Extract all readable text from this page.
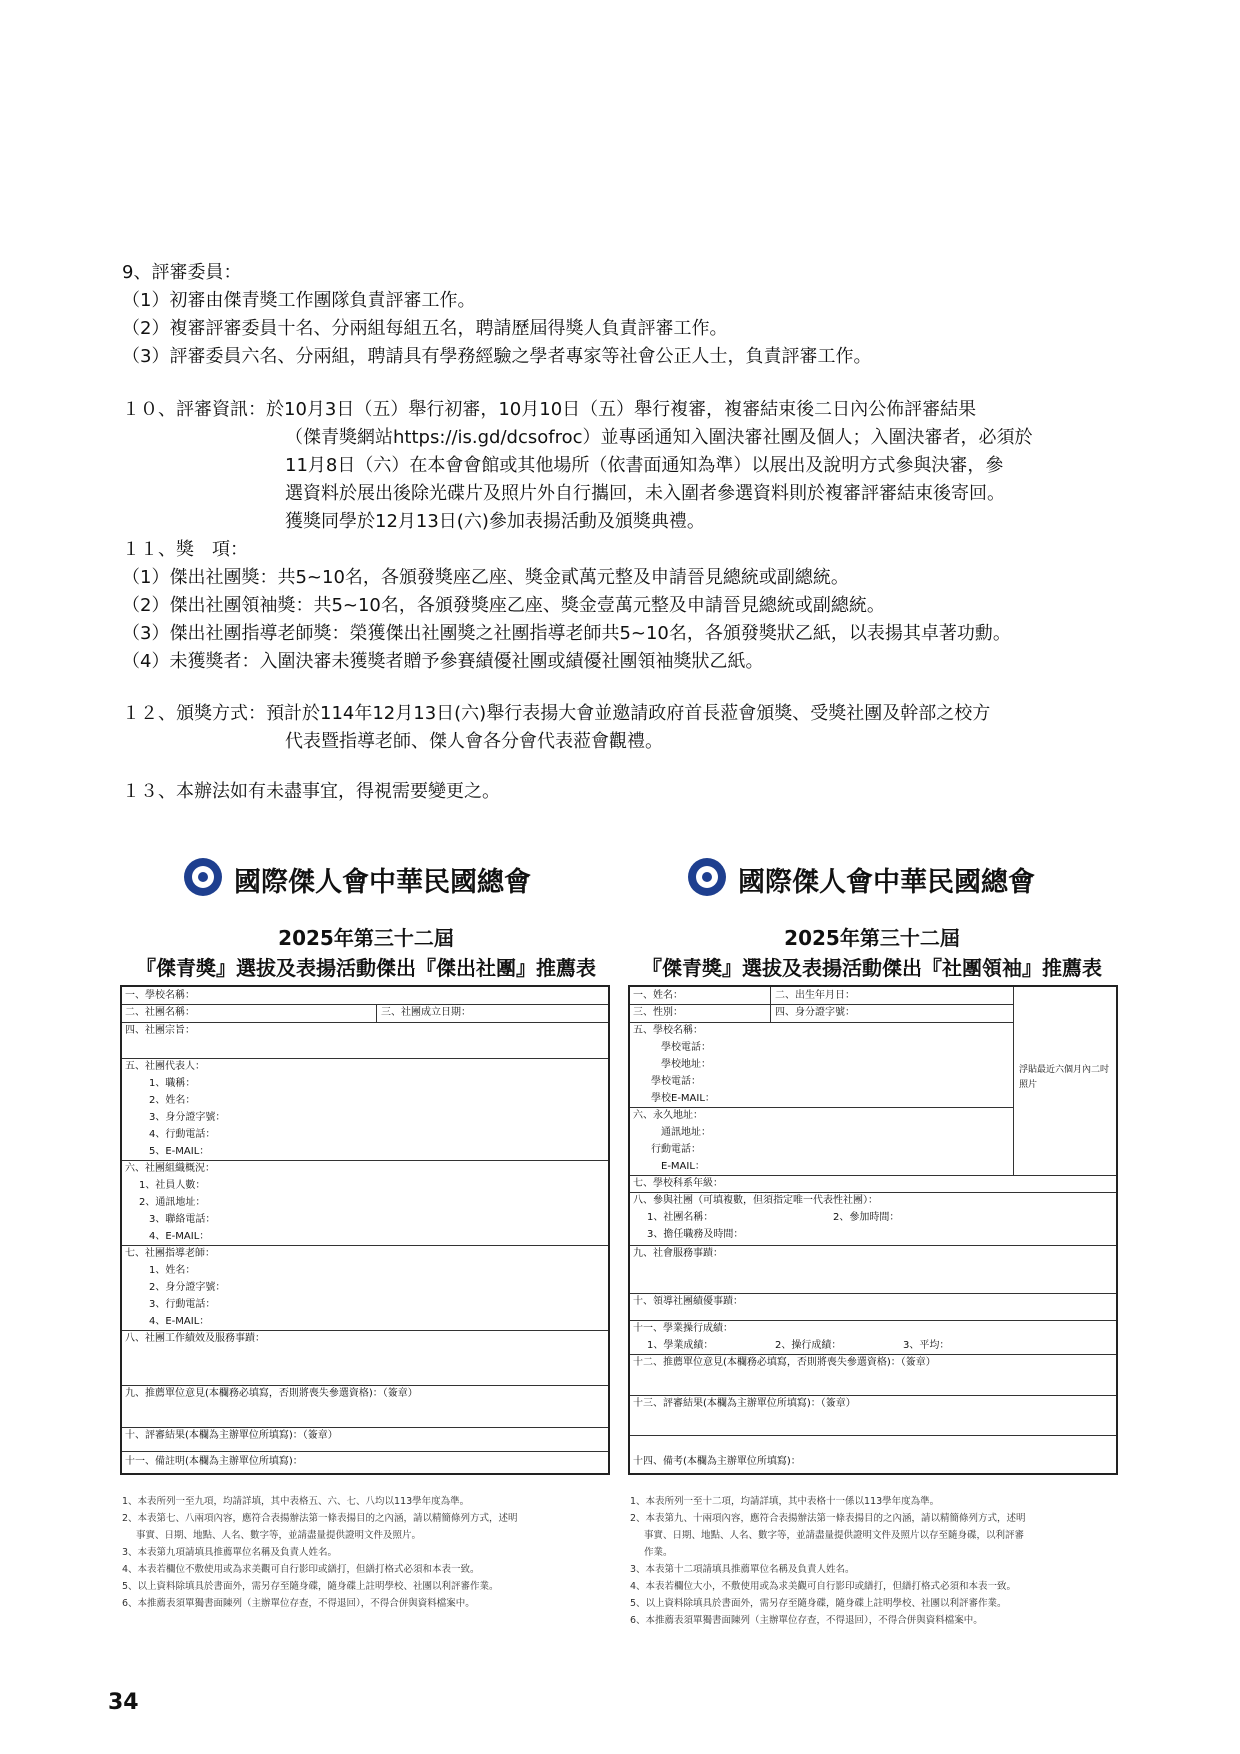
9、評審委員：
（1）初審由傑青獎工作團隊負責評審工作。
（2）複審評審委員十名、分兩組每組五名，聘請歷屆得獎人負責評審工作。
（3）評審委員六名、分兩組，聘請具有學務經驗之學者專家等社會公正人士，負責評審工作。
１０、評審資訊：於10月3日（五）舉行初審，10月10日（五）舉行複審，複審結束後二日內公佈評審結果
（傑青獎網站https://is.gd/dcsofroc）並專函通知入圍決審社團及個人；入圍決審者，必須於
11月8日（六）在本會會館或其他場所（依書面通知為準）以展出及說明方式參與決審，參
選資料於展出後除光碟片及照片外自行攜回，未入圍者參選資料則於複審評審結束後寄回。
獲獎同學於12月13日(六)參加表揚活動及頒獎典禮。
１１、獎　項：
（1）傑出社團獎：共5~10名，各頒發獎座乙座、獎金貳萬元整及申請晉見總統或副總統。
（2）傑出社團領袖獎：共5~10名，各頒發獎座乙座、獎金壹萬元整及申請晉見總統或副總統。
（3）傑出社團指導老師獎：榮獲傑出社團獎之社團指導老師共5~10名，各頒發獎狀乙紙，以表揚其卓著功勳。
（4）未獲獎者：入圍決審未獲獎者贈予參賽績優社團或績優社團領袖獎狀乙紙。
１２、頒獎方式：預計於114年12月13日(六)舉行表揚大會並邀請政府首長蒞會頒獎、受獎社團及幹部之校方
代表暨指導老師、傑人會各分會代表蒞會觀禮。
１３、本辦法如有未盡事宜，得視需要變更之。
國際傑人會中華民國總會
2025年第三十二屆
『傑青獎』選拔及表揚活動傑出『傑出社團』推薦表
國際傑人會中華民國總會
2025年第三十二屆
『傑青獎』選拔及表揚活動傑出『社團領袖』推薦表
一、學校名稱：
二、社團名稱：	三、社團成立日期：
四、社團宗旨：
五、社團代表人：
1、職稱：
2、姓名：
3、身分證字號：
4、行動電話：
5、E-MAIL：
六、社團組織概況：
1、社員人數：
2、通訊地址：
3、聯絡電話：
4、E-MAIL：
七、社團指導老師：
1、姓名：
2、身分證字號：
3、行動電話：
4、E-MAIL：
八、社團工作績效及服務事蹟：
九、推薦單位意見(本欄務必填寫，否則將喪失參選資格)：（簽章）
十、評審結果(本欄為主辦單位所填寫)：（簽章）
十一、備註明(本欄為主辦單位所填寫)：
一、姓名：	二、出生年月日：
三、性別：	四、身分證字號：
五、學校名稱：
學校電話：
學校地址：
學校電話：
學校E-MAIL：
六、永久地址：
通訊地址：
行動電話：
E-MAIL：
浮貼最近六個月內二吋照片
七、學校科系年級：
八、參與社團（可填複數，但須指定唯一代表性社團）：
1、社團名稱：	2、參加時間：
3、擔任職務及時間：
九、社會服務事蹟：
十、領導社團績優事蹟：
十一、學業操行成績：
1、學業成績：	2、操行成績：	3、平均：
十二、推薦單位意見(本欄務必填寫，否則將喪失參選資格)：（簽章）
十三、評審結果(本欄為主辦單位所填寫)：（簽章）
十四、備考(本欄為主辦單位所填寫)：
1、本表所列一至九項，均請詳填，其中表格五、六、七、八均以113學年度為準。
2、本表第七、八兩項內容，應符合表揚辦法第一條表揚目的之內涵，請以精簡條列方式，述明
事實、日期、地點、人名、數字等，並請盡量提供證明文件及照片。
3、本表第九項請填具推薦單位名稱及負責人姓名。
4、本表若欄位不敷使用或為求美觀可自行影印或繕打，但繕打格式必須和本表一致。
5、以上資料除填具於書面外，需另存至隨身碟，隨身碟上註明學校、社團以利評審作業。
6、本推薦表須單獨書面陳列（主辦單位存查，不得退回），不得合併與資料檔案中。
1、本表所列一至十二項，均請詳填，其中表格十一係以113學年度為準。
2、本表第九、十兩項內容，應符合表揚辦法第一條表揚目的之內涵，請以精簡條列方式，述明
事實、日期、地點、人名、數字等，並請盡量提供證明文件及照片以存至隨身碟，以利評審
作業。
3、本表第十二項請填具推薦單位名稱及負責人姓名。
4、本表若欄位大小，不敷使用或為求美觀可自行影印或繕打，但繕打格式必須和本表一致。
5、以上資料除填具於書面外，需另存至隨身碟，隨身碟上註明學校、社團以利評審作業。
6、本推薦表須單獨書面陳列（主辦單位存查，不得退回），不得合併與資料檔案中。
34
